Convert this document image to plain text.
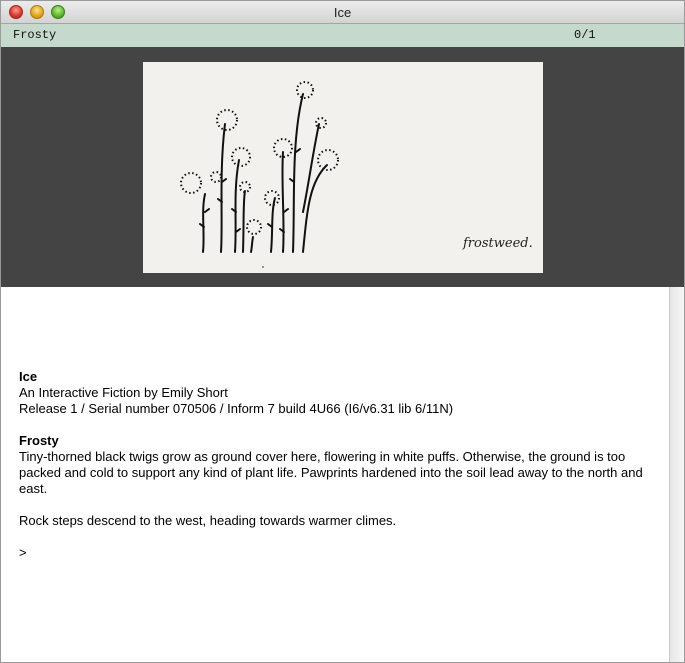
Ice
Frosty	0/1
frostweed.
Ice
An Interactive Fiction by Emily Short
Release 1 / Serial number 070506 / Inform 7 build 4U66 (I6/v6.31 lib 6/11N)
Frosty
Tiny-thorned black twigs grow as ground cover here, flowering in white puffs. Otherwise, the ground is too packed and cold to support any kind of plant life. Pawprints hardened into the soil lead away to the north and east.
Rock steps descend to the west, heading towards warmer climes.
>
